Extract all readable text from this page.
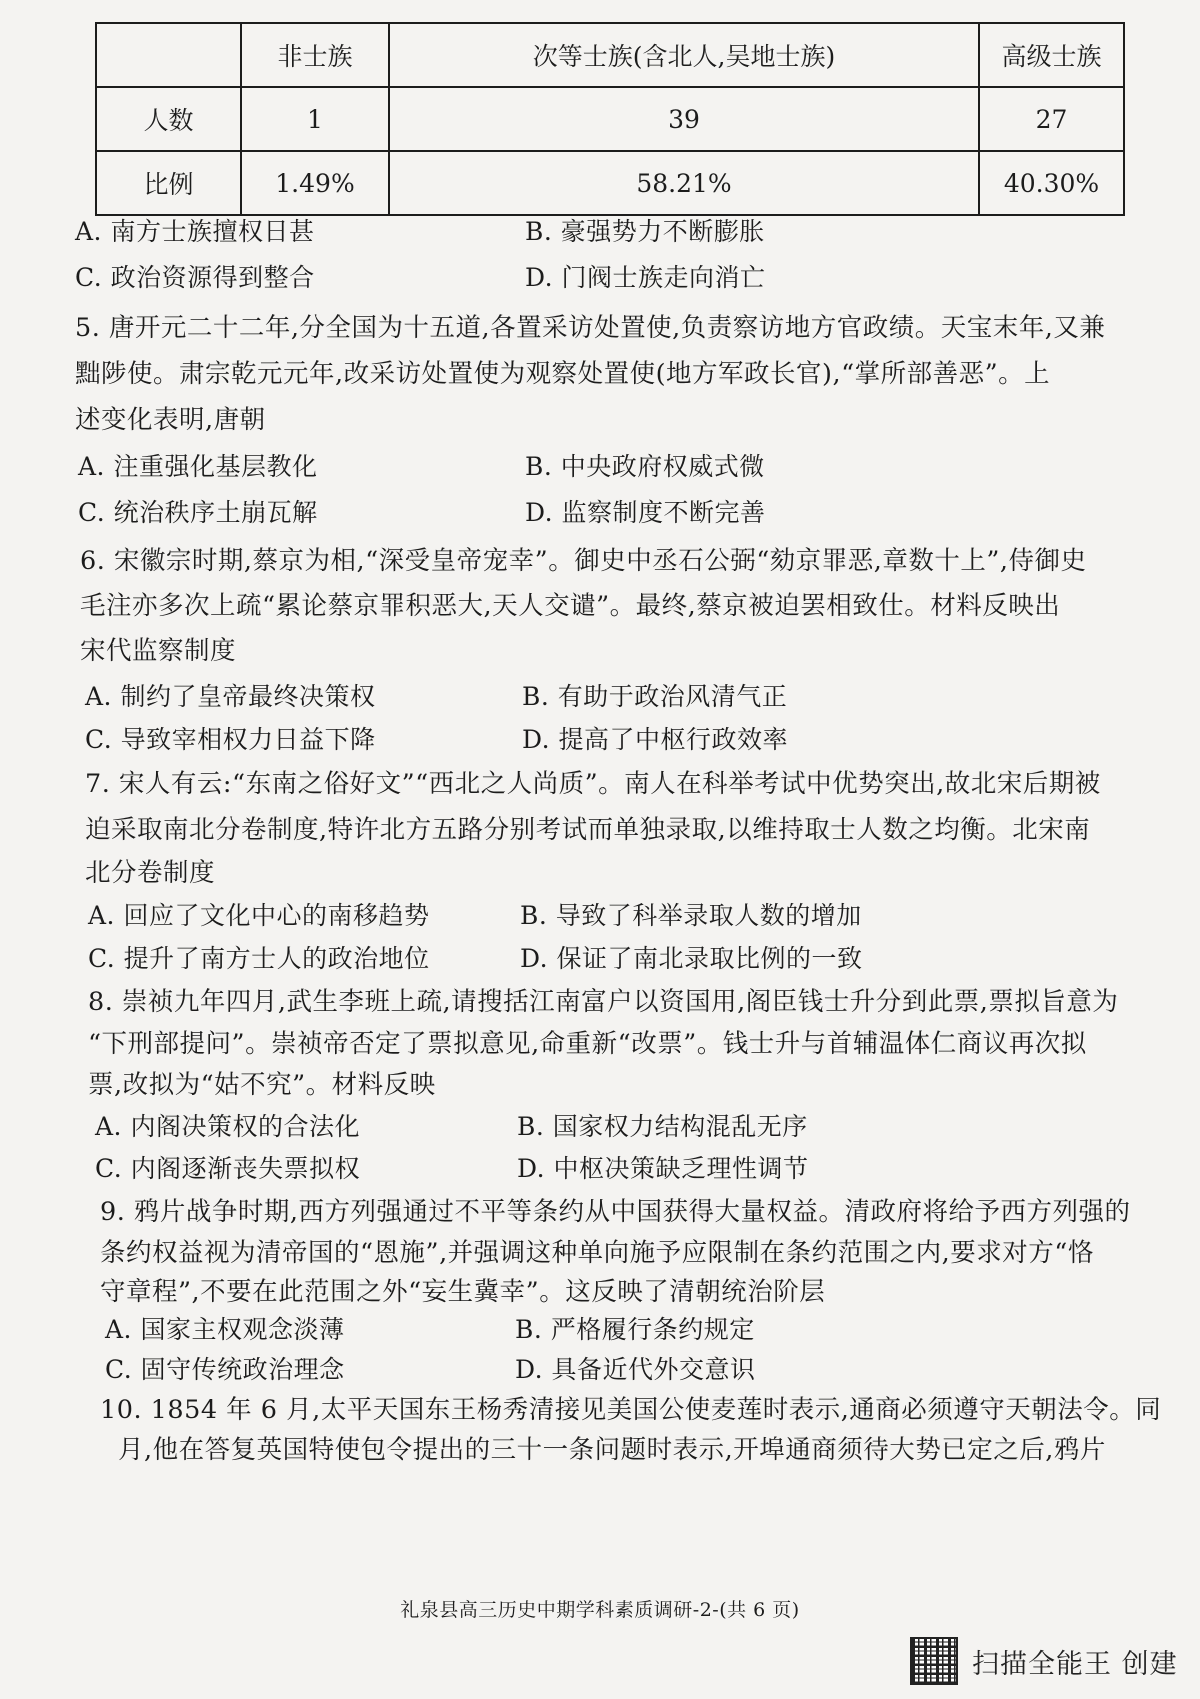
	非士族	次等士族(含北人,吴地士族)	高级士族
人数	1	39	27
比例	1.49%	58.21%	40.30%
A. 南方士族擅权日甚	B. 豪强势力不断膨胀
C. 政治资源得到整合	D. 门阀士族走向消亡
5. 唐开元二十二年,分全国为十五道,各置采访处置使,负责察访地方官政绩。天宝末年,又兼
黜陟使。肃宗乾元元年,改采访处置使为观察处置使(地方军政长官),“掌所部善恶”。上
述变化表明,唐朝
A. 注重强化基层教化	B. 中央政府权威式微
C. 统治秩序土崩瓦解	D. 监察制度不断完善
6. 宋徽宗时期,蔡京为相,“深受皇帝宠幸”。御史中丞石公弼“劾京罪恶,章数十上”,侍御史
毛注亦多次上疏“累论蔡京罪积恶大,天人交谴”。最终,蔡京被迫罢相致仕。材料反映出
宋代监察制度
A. 制约了皇帝最终决策权	B. 有助于政治风清气正
C. 导致宰相权力日益下降	D. 提高了中枢行政效率
7. 宋人有云:“东南之俗好文”“西北之人尚质”。南人在科举考试中优势突出,故北宋后期被
迫采取南北分卷制度,特许北方五路分别考试而单独录取,以维持取士人数之均衡。北宋南
北分卷制度
A. 回应了文化中心的南移趋势	B. 导致了科举录取人数的增加
C. 提升了南方士人的政治地位	D. 保证了南北录取比例的一致
8. 崇祯九年四月,武生李班上疏,请搜括江南富户以资国用,阁臣钱士升分到此票,票拟旨意为
“下刑部提问”。崇祯帝否定了票拟意见,命重新“改票”。钱士升与首辅温体仁商议再次拟
票,改拟为“姑不究”。材料反映
A. 内阁决策权的合法化	B. 国家权力结构混乱无序
C. 内阁逐渐丧失票拟权	D. 中枢决策缺乏理性调节
9. 鸦片战争时期,西方列强通过不平等条约从中国获得大量权益。清政府将给予西方列强的
条约权益视为清帝国的“恩施”,并强调这种单向施予应限制在条约范围之内,要求对方“恪
守章程”,不要在此范围之外“妄生冀幸”。这反映了清朝统治阶层
A. 国家主权观念淡薄	B. 严格履行条约规定
C. 固守传统政治理念	D. 具备近代外交意识
10. 1854 年 6 月,太平天国东王杨秀清接见美国公使麦莲时表示,通商必须遵守天朝法令。同
月,他在答复英国特使包令提出的三十一条问题时表示,开埠通商须待大势已定之后,鸦片
礼泉县高三历史中期学科素质调研-2-(共 6 页)
扫描全能王 创建
